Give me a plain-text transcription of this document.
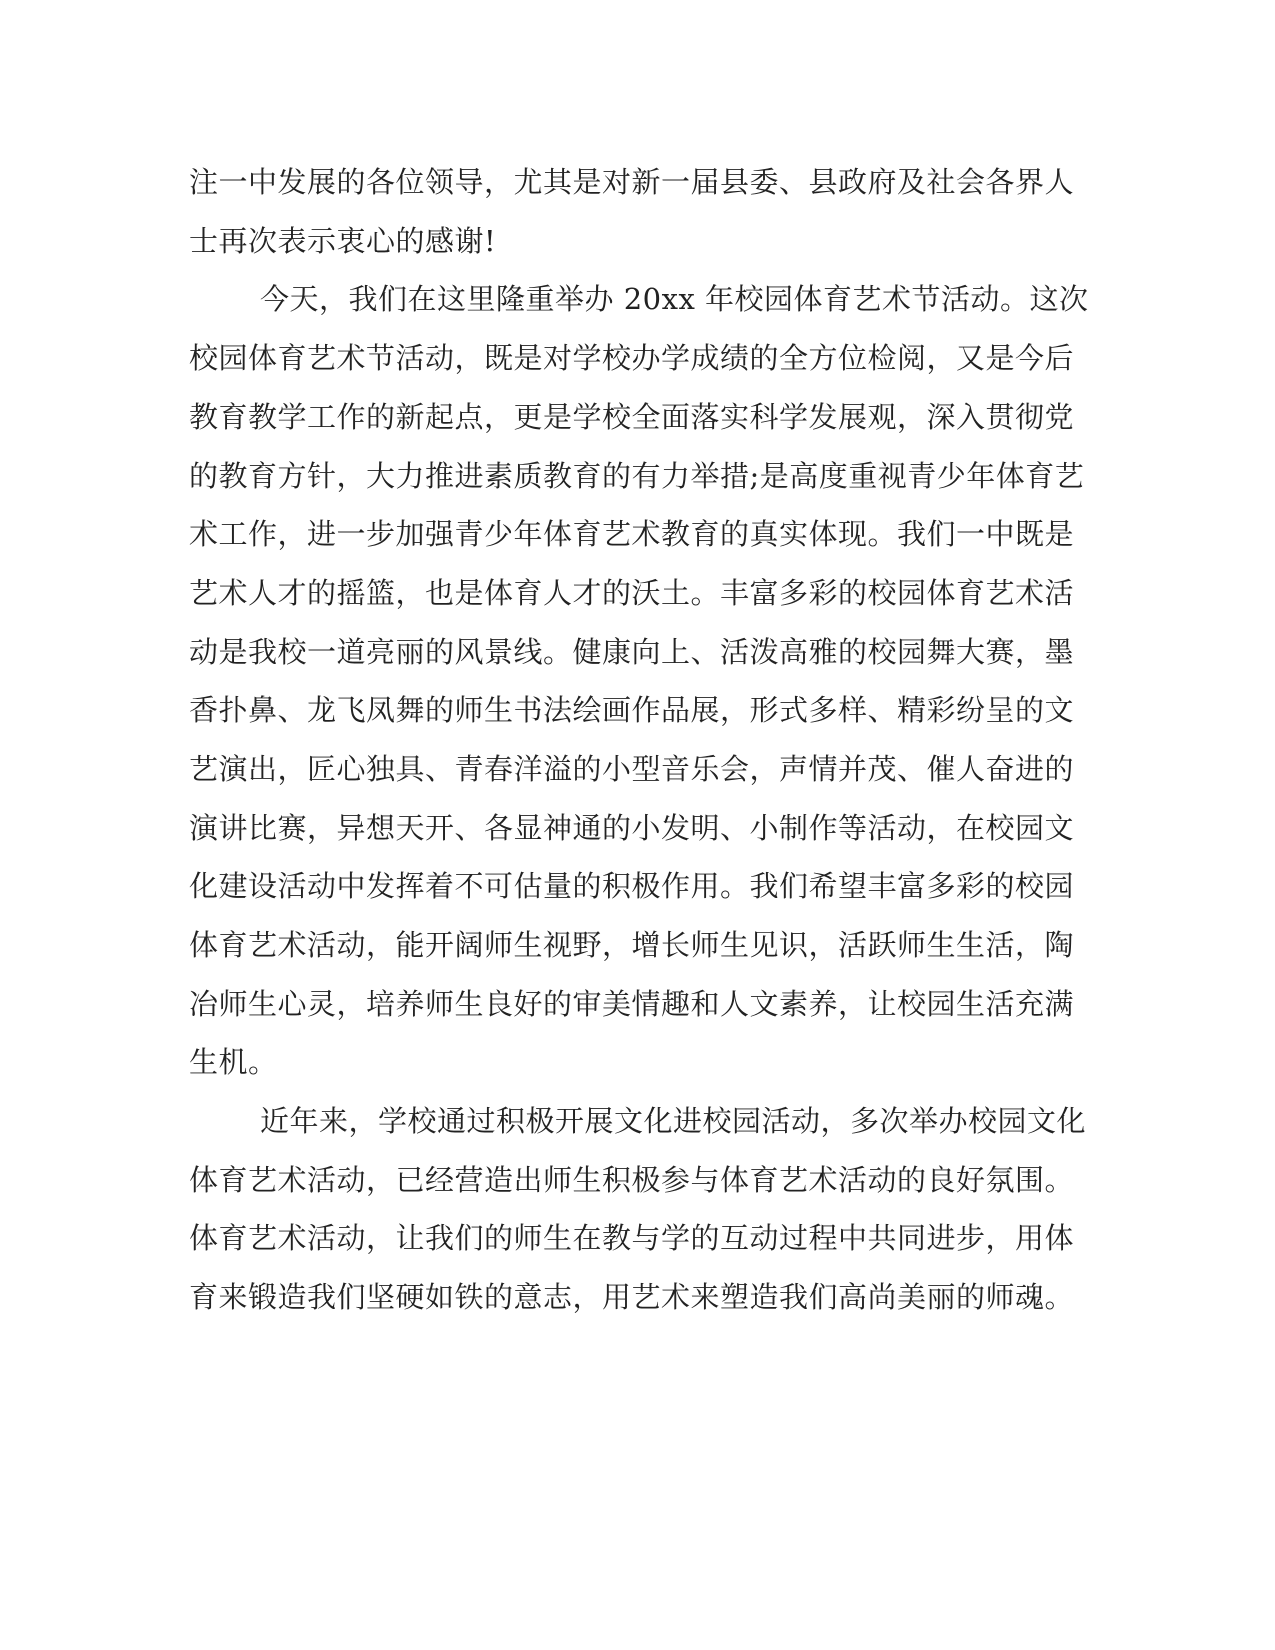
注一中发展的各位领导，尤其是对新一届县委、县政府及社会各界人
士再次表示衷心的感谢!
今天，我们在这里隆重举办 20xx 年校园体育艺术节活动。这次
校园体育艺术节活动，既是对学校办学成绩的全方位检阅，又是今后
教育教学工作的新起点，更是学校全面落实科学发展观，深入贯彻党
的教育方针，大力推进素质教育的有力举措;是高度重视青少年体育艺
术工作，进一步加强青少年体育艺术教育的真实体现。我们一中既是
艺术人才的摇篮，也是体育人才的沃土。丰富多彩的校园体育艺术活
动是我校一道亮丽的风景线。健康向上、活泼高雅的校园舞大赛，墨
香扑鼻、龙飞凤舞的师生书法绘画作品展，形式多样、精彩纷呈的文
艺演出，匠心独具、青春洋溢的小型音乐会，声情并茂、催人奋进的
演讲比赛，异想天开、各显神通的小发明、小制作等活动，在校园文
化建设活动中发挥着不可估量的积极作用。我们希望丰富多彩的校园
体育艺术活动，能开阔师生视野，增长师生见识，活跃师生生活，陶
冶师生心灵，培养师生良好的审美情趣和人文素养，让校园生活充满
生机。
近年来，学校通过积极开展文化进校园活动，多次举办校园文化
体育艺术活动，已经营造出师生积极参与体育艺术活动的良好氛围。
体育艺术活动，让我们的师生在教与学的互动过程中共同进步，用体
育来锻造我们坚硬如铁的意志，用艺术来塑造我们高尚美丽的师魂。
